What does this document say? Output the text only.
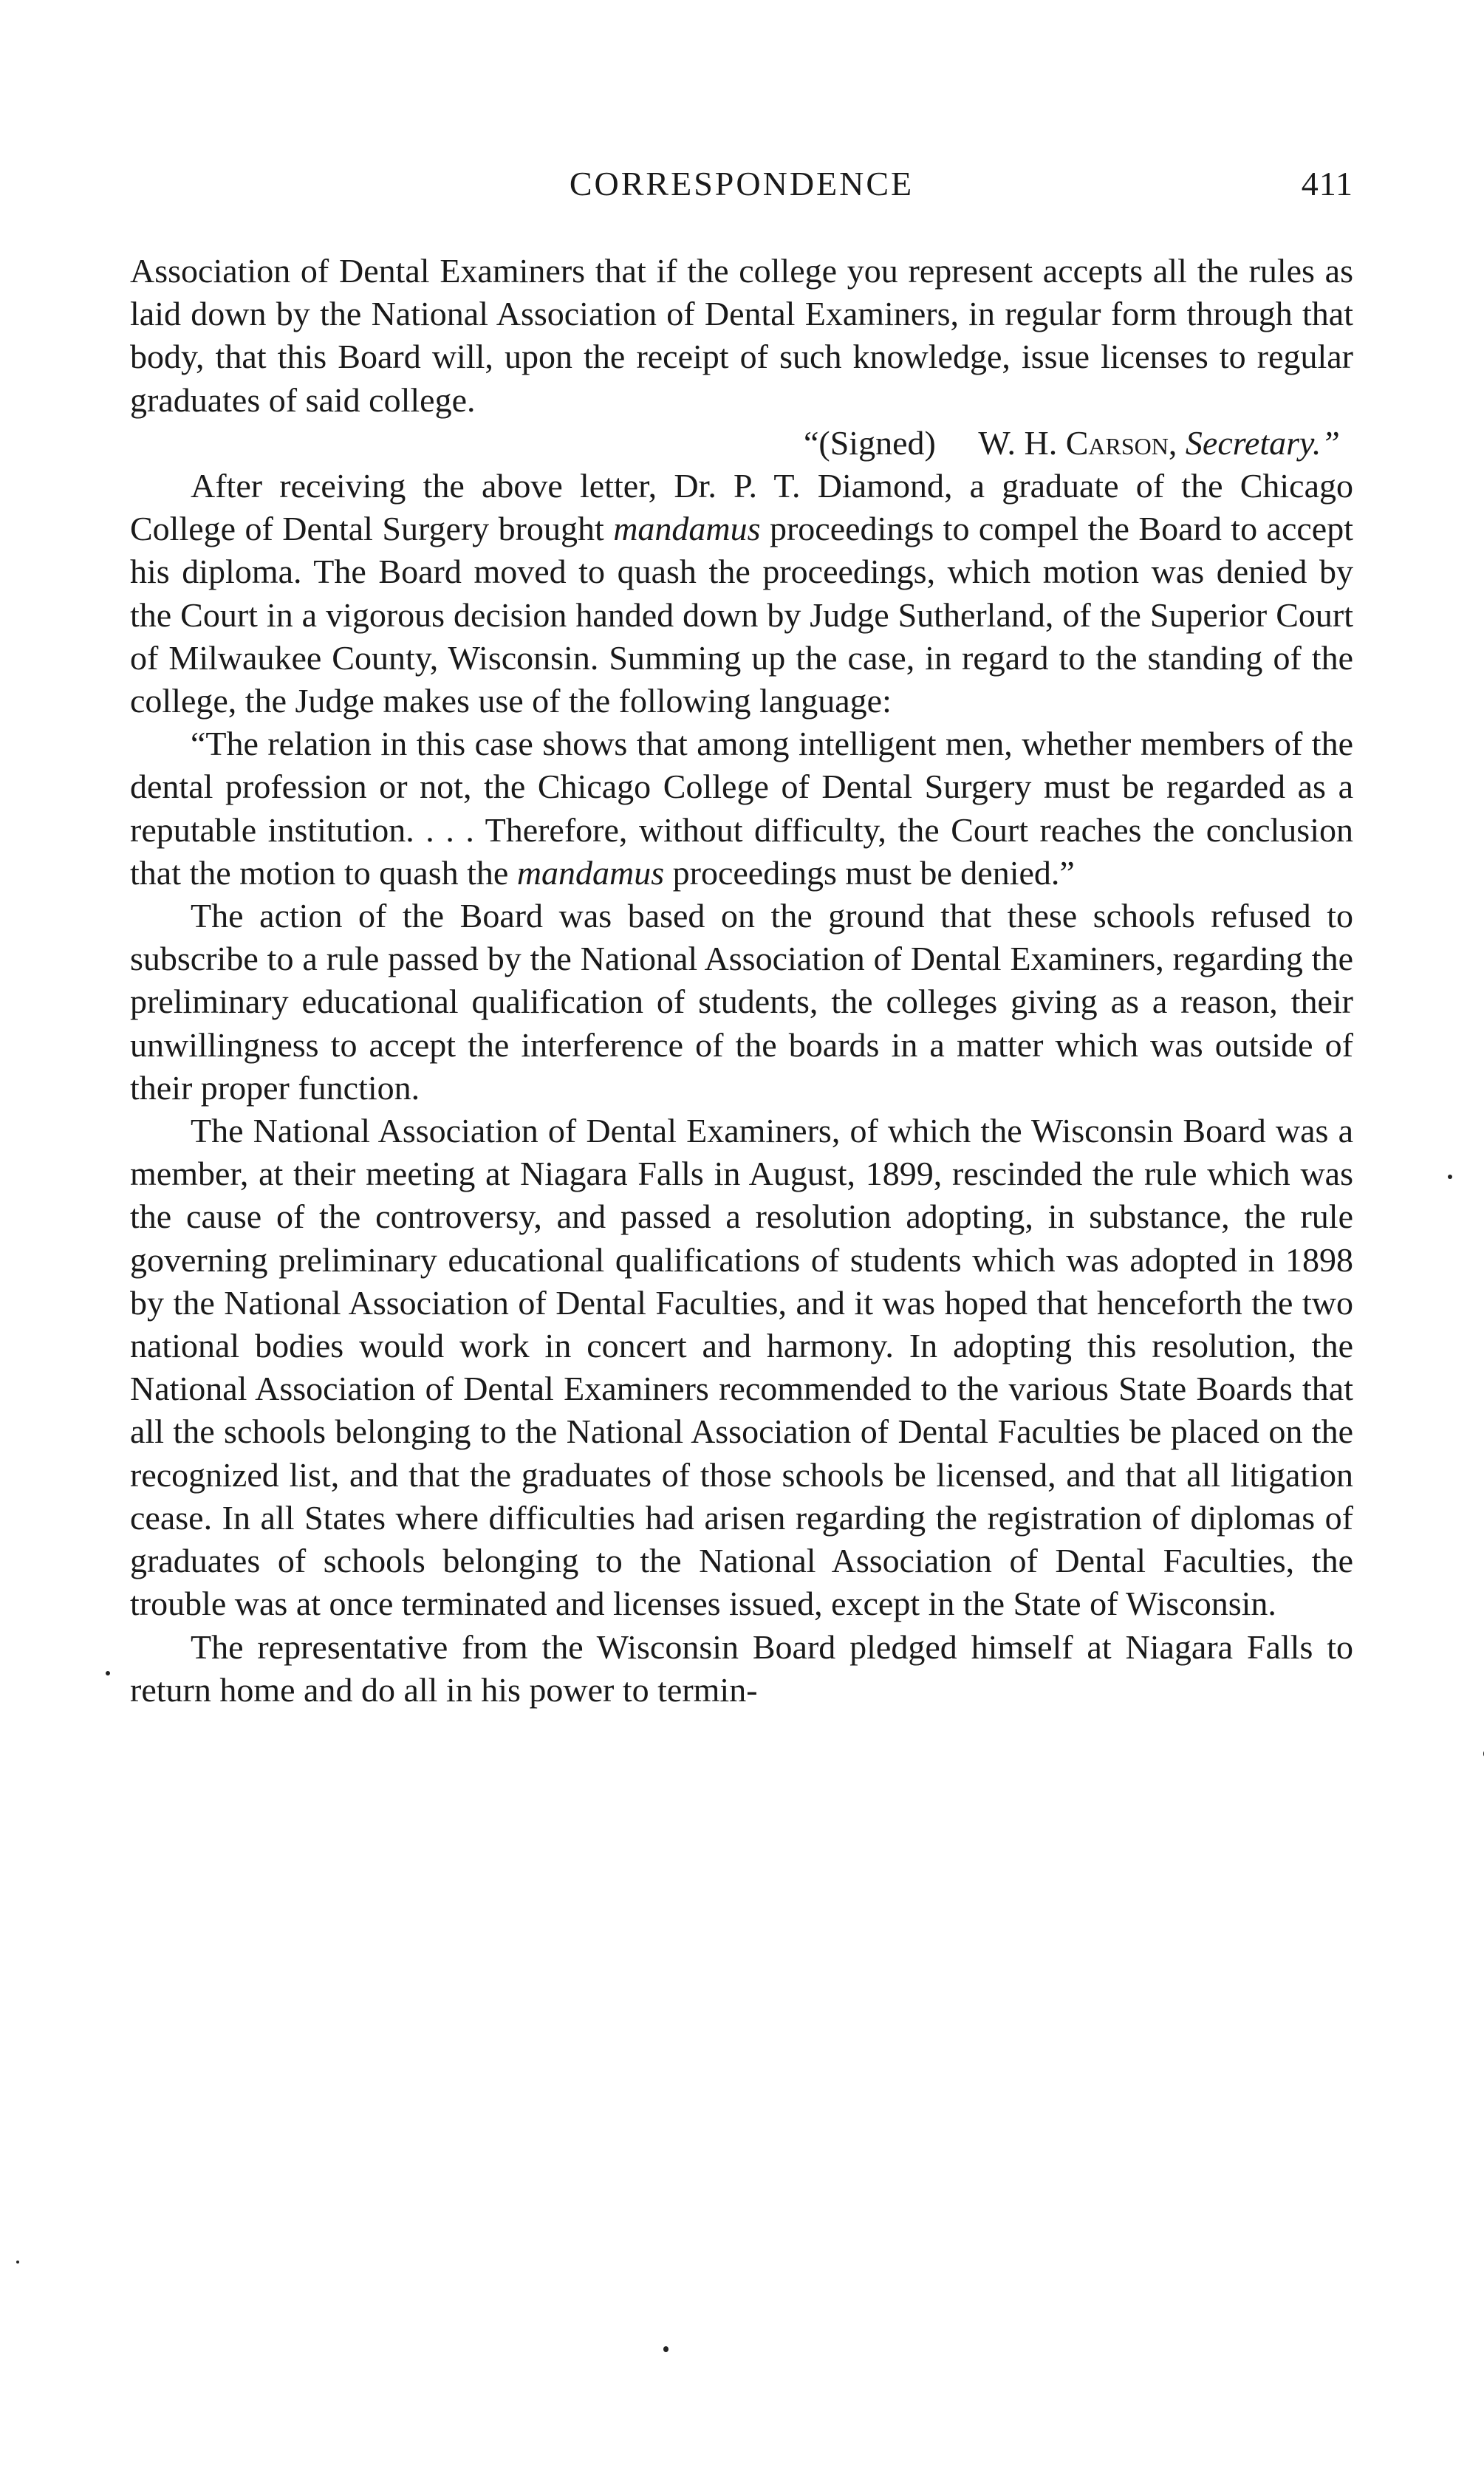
CORRESPONDENCE	411

Association of Dental Examiners that if the college you represent accepts all the rules as laid down by the National Association of Dental Examiners, in regular form through that body, that this Board will, upon the receipt of such knowledge, issue licenses to regular graduates of said college.

“(Signed) W. H. Carson, Secretary.”

After receiving the above letter, Dr. P. T. Diamond, a graduate of the Chicago College of Dental Surgery brought mandamus proceedings to compel the Board to accept his diploma. The Board moved to quash the proceedings, which motion was denied by the Court in a vigorous decision handed down by Judge Sutherland, of the Superior Court of Milwaukee County, Wisconsin. Summing up the case, in regard to the standing of the college, the Judge makes use of the following language:

“The relation in this case shows that among intelligent men, whether members of the dental profession or not, the Chicago College of Dental Surgery must be regarded as a reputable institution. . . . Therefore, without difficulty, the Court reaches the conclusion that the motion to quash the mandamus proceedings must be denied.”

The action of the Board was based on the ground that these schools refused to subscribe to a rule passed by the National Association of Dental Examiners, regarding the preliminary educational qualification of students, the colleges giving as a reason, their unwillingness to accept the interference of the boards in a matter which was outside of their proper function.

The National Association of Dental Examiners, of which the Wisconsin Board was a member, at their meeting at Niagara Falls in August, 1899, rescinded the rule which was the cause of the controversy, and passed a resolution adopting, in substance, the rule governing preliminary educational qualifications of students which was adopted in 1898 by the National Association of Dental Faculties, and it was hoped that henceforth the two national bodies would work in concert and harmony. In adopting this resolution, the National Association of Dental Examiners recommended to the various State Boards that all the schools belonging to the National Association of Dental Faculties be placed on the recognized list, and that the graduates of those schools be licensed, and that all litigation cease. In all States where difficulties had arisen regarding the registration of diplomas of graduates of schools belonging to the National Association of Dental Faculties, the trouble was at once terminated and licenses issued, except in the State of Wisconsin.

The representative from the Wisconsin Board pledged himself at Niagara Falls to return home and do all in his power to termin-
